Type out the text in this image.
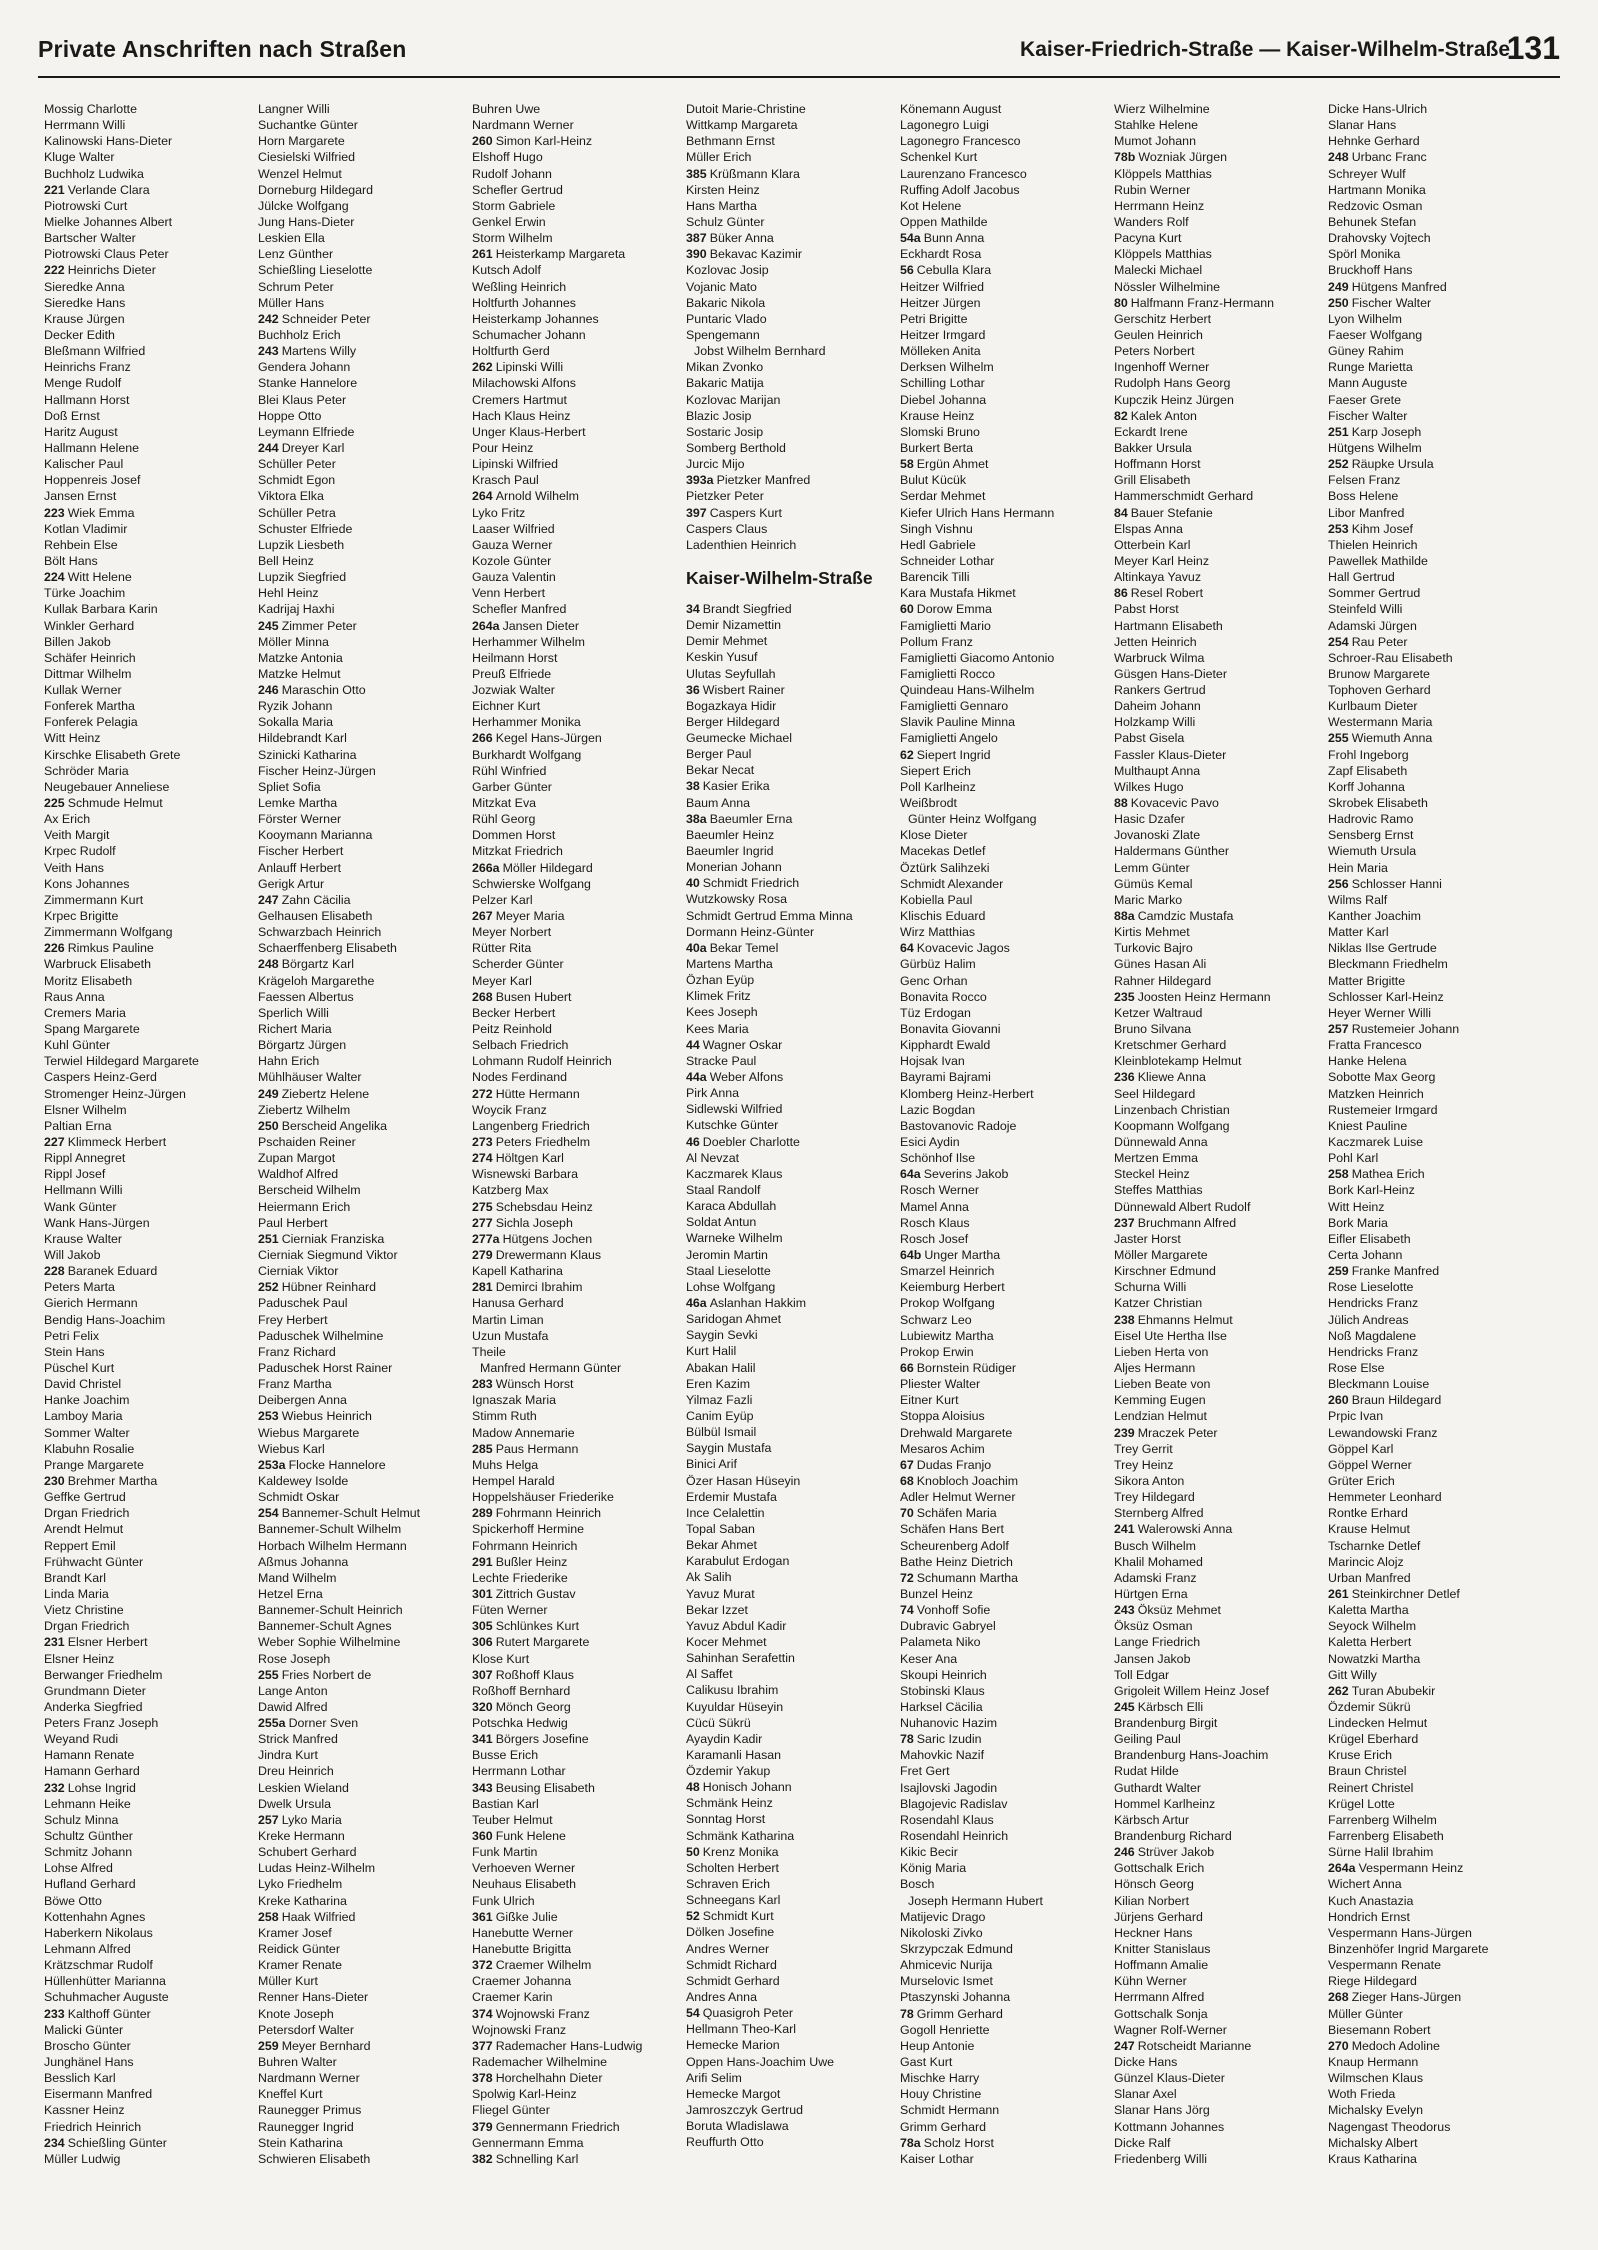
Private Anschriften nach Straßen	Kaiser-Friedrich-Straße — Kaiser-Wilhelm-Straße
131
Mossig Charlotte
Herrmann Willi
Kalinowski Hans-Dieter
Kluge Walter
Buchholz Ludwika
221 Verlande Clara
Piotrowski Curt
Mielke Johannes Albert
Bartscher Walter
Piotrowski Claus Peter
222 Heinrichs Dieter
Sieredke Anna
Sieredke Hans
Krause Jürgen
Decker Edith
Bleßmann Wilfried
Heinrichs Franz
Menge Rudolf
Hallmann Horst
Doß Ernst
Haritz August
Hallmann Helene
Kalischer Paul
Hoppenreis Josef
Jansen Ernst
223 Wiek Emma
Kotlan Vladimir
Rehbein Else
Bölt Hans
224 Witt Helene
Türke Joachim
Kullak Barbara Karin
Winkler Gerhard
Billen Jakob
Schäfer Heinrich
Dittmar Wilhelm
Kullak Werner
Fonferek Martha
Fonferek Pelagia
Witt Heinz
Kirschke Elisabeth Grete
Schröder Maria
Neugebauer Anneliese
225 Schmude Helmut
Ax Erich
Veith Margit
Krpec Rudolf
Veith Hans
Kons Johannes
Zimmermann Kurt
Krpec Brigitte
Zimmermann Wolfgang
226 Rimkus Pauline
Warbruck Elisabeth
Moritz Elisabeth
Raus Anna
Cremers Maria
Spang Margarete
Kuhl Günter
Terwiel Hildegard Margarete
Caspers Heinz-Gerd
Stromenger Heinz-Jürgen
Elsner Wilhelm
Paltian Erna
227 Klimmeck Herbert
Rippl Annegret
Rippl Josef
Hellmann Willi
Wank Günter
Wank Hans-Jürgen
Krause Walter
Will Jakob
228 Baranek Eduard
Peters Marta
Gierich Hermann
Bendig Hans-Joachim
Petri Felix
Stein Hans
Püschel Kurt
David Christel
Hanke Joachim
Lamboy Maria
Sommer Walter
Klabuhn Rosalie
Prange Margarete
230 Brehmer Martha
Geffke Gertrud
Drgan Friedrich
Arendt Helmut
Reppert Emil
Frühwacht Günter
Brandt Karl
Linda Maria
Vietz Christine
Drgan Friedrich
231 Elsner Herbert
Elsner Heinz
Berwanger Friedhelm
Grundmann Dieter
Anderka Siegfried
Peters Franz Joseph
Weyand Rudi
Hamann Renate
Hamann Gerhard
232 Lohse Ingrid
Lehmann Heike
Schulz Minna
Schultz Günther
Schmitz Johann
Lohse Alfred
Hufland Gerhard
Böwe Otto
Kottenhahn Agnes
Haberkern Nikolaus
Lehmann Alfred
Krätzschmar Rudolf
Hüllenhütter Marianna
Schuhmacher Auguste
233 Kalthoff Günter
Malicki Günter
Broscho Günter
Junghänel Hans
Besslich Karl
Eisermann Manfred
Kassner Heinz
Friedrich Heinrich
234 Schießling Günter
Müller Ludwig
Langner Willi
Suchantke Günter
Horn Margarete
Ciesielski Wilfried
Wenzel Helmut
Dorneburg Hildegard
Jülcke Wolfgang
Jung Hans-Dieter
Leskien Ella
Lenz Günther
Schießling Lieselotte
Schrum Peter
Müller Hans
242 Schneider Peter
Buchholz Erich
243 Martens Willy
Gendera Johann
Stanke Hannelore
Blei Klaus Peter
Hoppe Otto
Leymann Elfriede
244 Dreyer Karl
Schüller Peter
Schmidt Egon
Viktora Elka
Schüller Petra
Schuster Elfriede
Lupzik Liesbeth
Bell Heinz
Lupzik Siegfried
Hehl Heinz
Kadrijaj Haxhi
245 Zimmer Peter
Möller Minna
Matzke Antonia
Matzke Helmut
246 Maraschin Otto
Ryzik Johann
Sokalla Maria
Hildebrandt Karl
Szinicki Katharina
Fischer Heinz-Jürgen
Spliet Sofia
Lemke Martha
Förster Werner
Kooymann Marianna
Fischer Herbert
Anlauff Herbert
Gerigk Artur
247 Zahn Cäcilia
Gelhausen Elisabeth
Schwarzbach Heinrich
Schaerffenberg Elisabeth
248 Börgartz Karl
Krägeloh Margarethe
Faessen Albertus
Sperlich Willi
Richert Maria
Börgartz Jürgen
Hahn Erich
Mühlhäuser Walter
249 Ziebertz Helene
Ziebertz Wilhelm
250 Berscheid Angelika
Pschaiden Reiner
Zupan Margot
Waldhof Alfred
Berscheid Wilhelm
Heiermann Erich
Paul Herbert
251 Cierniak Franziska
Cierniak Siegmund Viktor
Cierniak Viktor
252 Hübner Reinhard
Paduschek Paul
Frey Herbert
Paduschek Wilhelmine
Franz Richard
Paduschek Horst Rainer
Franz Martha
Deibergen Anna
253 Wiebus Heinrich
Wiebus Margarete
Wiebus Karl
253a Flocke Hannelore
Kaldewey Isolde
Schmidt Oskar
254 Bannemer-Schult Helmut
Bannemer-Schult Wilhelm
Horbach Wilhelm Hermann
Aßmus Johanna
Mand Wilhelm
Hetzel Erna
Bannemer-Schult Heinrich
Bannemer-Schult Agnes
Weber Sophie Wilhelmine
Rose Joseph
255 Fries Norbert de
Lange Anton
Dawid Alfred
255a Dorner Sven
Strick Manfred
Jindra Kurt
Dreu Heinrich
Leskien Wieland
Dwelk Ursula
257 Lyko Maria
Kreke Hermann
Schubert Gerhard
Ludas Heinz-Wilhelm
Lyko Friedhelm
Kreke Katharina
258 Haak Wilfried
Kramer Josef
Reidick Günter
Kramer Renate
Müller Kurt
Renner Hans-Dieter
Knote Joseph
Petersdorf Walter
259 Meyer Bernhard
Buhren Walter
Nardmann Werner
Kneffel Kurt
Raunegger Primus
Raunegger Ingrid
Stein Katharina
Schwieren Elisabeth
Buhren Uwe
Nardmann Werner
260 Simon Karl-Heinz
Elshoff Hugo
Rudolf Johann
Schefler Gertrud
Storm Gabriele
Genkel Erwin
Storm Wilhelm
261 Heisterkamp Margareta
Kutsch Adolf
Weßling Heinrich
Holtfurth Johannes
Heisterkamp Johannes
Schumacher Johann
Holtfurth Gerd
262 Lipinski Willi
Milachowski Alfons
Cremers Hartmut
Hach Klaus Heinz
Unger Klaus-Herbert
Pour Heinz
Lipinski Wilfried
Krasch Paul
264 Arnold Wilhelm
Lyko Fritz
Laaser Wilfried
Gauza Werner
Kozole Günter
Gauza Valentin
Venn Herbert
Schefler Manfred
264a Jansen Dieter
Herhammer Wilhelm
Heilmann Horst
Preuß Elfriede
Jozwiak Walter
Eichner Kurt
Herhammer Monika
266 Kegel Hans-Jürgen
Burkhardt Wolfgang
Rühl Winfried
Garber Günter
Mitzkat Eva
Rühl Georg
Dommen Horst
Mitzkat Friedrich
266a Möller Hildegard
Schwierske Wolfgang
Pelzer Karl
267 Meyer Maria
Meyer Norbert
Rütter Rita
Scherder Günter
Meyer Karl
268 Busen Hubert
Becker Herbert
Peitz Reinhold
Selbach Friedrich
Lohmann Rudolf Heinrich
Nodes Ferdinand
272 Hütte Hermann
Woycik Franz
Langenberg Friedrich
273 Peters Friedhelm
274 Höltgen Karl
Wisnewski Barbara
Katzberg Max
275 Schebsdau Heinz
277 Sichla Joseph
277a Hütgens Jochen
279 Drewermann Klaus
Kapell Katharina
281 Demirci Ibrahim
Hanusa Gerhard
Martin Liman
Uzun Mustafa
Theile
Manfred Hermann Günter
283 Wünsch Horst
Ignaszak Maria
Stimm Ruth
Madow Annemarie
285 Paus Hermann
Muhs Helga
Hempel Harald
Hoppelshäuser Friederike
289 Fohrmann Heinrich
Spickerhoff Hermine
Fohrmann Heinrich
291 Bußler Heinz
Lechte Friederike
301 Zittrich Gustav
Füten Werner
305 Schlünkes Kurt
306 Rutert Margarete
Klose Kurt
307 Roßhoff Klaus
Roßhoff Bernhard
320 Mönch Georg
Potschka Hedwig
341 Börgers Josefine
Busse Erich
Herrmann Lothar
343 Beusing Elisabeth
Bastian Karl
Teuber Helmut
360 Funk Helene
Funk Martin
Verhoeven Werner
Neuhaus Elisabeth
Funk Ulrich
361 Gißke Julie
Hanebutte Werner
Hanebutte Brigitta
372 Craemer Wilhelm
Craemer Johanna
Craemer Karin
374 Wojnowski Franz
Wojnowski Franz
377 Rademacher Hans-Ludwig
Rademacher Wilhelmine
378 Horchelhahn Dieter
Spolwig Karl-Heinz
Fliegel Günter
379 Gennermann Friedrich
Gennermann Emma
382 Schnelling Karl
Dutoit Marie-Christine
Wittkamp Margareta
Bethmann Ernst
Müller Erich
385 Krüßmann Klara
Kirsten Heinz
Hans Martha
Schulz Günter
387 Büker Anna
390 Bekavac Kazimir
Kozlovac Josip
Vojanic Mato
Bakaric Nikola
Puntaric Vlado
Spengemann
Jobst Wilhelm Bernhard
Mikan Zvonko
Bakaric Matija
Kozlovac Marijan
Blazic Josip
Sostaric Josip
Somberg Berthold
Jurcic Mijo
393a Pietzker Manfred
Pietzker Peter
397 Caspers Kurt
Caspers Claus
Ladenthien Heinrich
Kaiser-Wilhelm-Straße
34 Brandt Siegfried
Demir Nizamettin
Demir Mehmet
Keskin Yusuf
Ulutas Seyfullah
36 Wisbert Rainer
Bogazkaya Hidir
Berger Hildegard
Geumecke Michael
Berger Paul
Bekar Necat
38 Kasier Erika
Baum Anna
38a Baeumler Erna
Baeumler Heinz
Baeumler Ingrid
Monerian Johann
40 Schmidt Friedrich
Wutzkowsky Rosa
Schmidt Gertrud Emma Minna
Dormann Heinz-Günter
40a Bekar Temel
Martens Martha
Özhan Eyüp
Klimek Fritz
Kees Joseph
Kees Maria
44 Wagner Oskar
Stracke Paul
44a Weber Alfons
Pirk Anna
Sidlewski Wilfried
Kutschke Günter
46 Doebler Charlotte
Al Nevzat
Kaczmarek Klaus
Staal Randolf
Karaca Abdullah
Soldat Antun
Warneke Wilhelm
Jeromin Martin
Staal Lieselotte
Lohse Wolfgang
46a Aslanhan Hakkim
Saridogan Ahmet
Saygin Sevki
Kurt Halil
Abakan Halil
Eren Kazim
Yilmaz Fazli
Canim Eyüp
Bülbül Ismail
Saygin Mustafa
Binici Arif
Özer Hasan Hüseyin
Erdemir Mustafa
Ince Celalettin
Topal Saban
Bekar Ahmet
Karabulut Erdogan
Ak Salih
Yavuz Murat
Bekar Izzet
Yavuz Abdul Kadir
Kocer Mehmet
Sahinhan Serafettin
Al Saffet
Calikusu Ibrahim
Kuyuldar Hüseyin
Cücü Sükrü
Ayaydin Kadir
Karamanli Hasan
Özdemir Yakup
48 Honisch Johann
Schmänk Heinz
Sonntag Horst
Schmänk Katharina
50 Krenz Monika
Scholten Herbert
Schraven Erich
Schneegans Karl
52 Schmidt Kurt
Dölken Josefine
Andres Werner
Schmidt Richard
Schmidt Gerhard
Andres Anna
54 Quasigroh Peter
Hellmann Theo-Karl
Hemecke Marion
Oppen Hans-Joachim Uwe
Arifi Selim
Hemecke Margot
Jamroszczyk Gertrud
Boruta Wladislawa
Reuffurth Otto
Könemann August
Lagonegro Luigi
Lagonegro Francesco
Schenkel Kurt
Laurenzano Francesco
Ruffing Adolf Jacobus
Kot Helene
Oppen Mathilde
54a Bunn Anna
Eckhardt Rosa
56 Cebulla Klara
Heitzer Wilfried
Heitzer Jürgen
Petri Brigitte
Heitzer Irmgard
Mölleken Anita
Derksen Wilhelm
Schilling Lothar
Diebel Johanna
Krause Heinz
Slomski Bruno
Burkert Berta
58 Ergün Ahmet
Bulut Kücük
Serdar Mehmet
Kiefer Ulrich Hans Hermann
Singh Vishnu
Hedl Gabriele
Schneider Lothar
Barencik Tilli
Kara Mustafa Hikmet
60 Dorow Emma
Famiglietti Mario
Pollum Franz
Famiglietti Giacomo Antonio
Famiglietti Rocco
Quindeau Hans-Wilhelm
Famiglietti Gennaro
Slavik Pauline Minna
Famiglietti Angelo
62 Siepert Ingrid
Siepert Erich
Poll Karlheinz
Weißbrodt
Günter Heinz Wolfgang
Klose Dieter
Macekas Detlef
Öztürk Salihzeki
Schmidt Alexander
Kobiella Paul
Klischis Eduard
Wirz Matthias
64 Kovacevic Jagos
Gürbüz Halim
Genc Orhan
Bonavita Rocco
Tüz Erdogan
Bonavita Giovanni
Kipphardt Ewald
Hojsak Ivan
Bayrami Bajrami
Klomberg Heinz-Herbert
Lazic Bogdan
Bastovanovic Radoje
Esici Aydin
Schönhof Ilse
64a Severins Jakob
Rosch Werner
Mamel Anna
Rosch Klaus
Rosch Josef
64b Unger Martha
Smarzel Heinrich
Keiemburg Herbert
Prokop Wolfgang
Schwarz Leo
Lubiewitz Martha
Prokop Erwin
66 Bornstein Rüdiger
Pliester Walter
Eitner Kurt
Stoppa Aloisius
Drehwald Margarete
Mesaros Achim
67 Dudas Franjo
68 Knobloch Joachim
Adler Helmut Werner
70 Schäfen Maria
Schäfen Hans Bert
Scheurenberg Adolf
Bathe Heinz Dietrich
72 Schumann Martha
Bunzel Heinz
74 Vonhoff Sofie
Dubravic Gabryel
Palameta Niko
Keser Ana
Skoupi Heinrich
Stobinski Klaus
Harksel Cäcilia
Nuhanovic Hazim
78 Saric Izudin
Mahovkic Nazif
Fret Gert
Isajlovski Jagodin
Blagojevic Radislav
Rosendahl Klaus
Rosendahl Heinrich
Kikic Becir
König Maria
Bosch
Joseph Hermann Hubert
Matijevic Drago
Nikoloski Zivko
Skrzypczak Edmund
Ahmicevic Nurija
Murselovic Ismet
Ptaszynski Johanna
78 Grimm Gerhard
Gogoll Henriette
Heup Antonie
Gast Kurt
Mischke Harry
Houy Christine
Schmidt Hermann
Grimm Gerhard
78a Scholz Horst
Kaiser Lothar
Wierz Wilhelmine
Stahlke Helene
Mumot Johann
78b Wozniak Jürgen
Klöppels Matthias
Rubin Werner
Herrmann Heinz
Wanders Rolf
Pacyna Kurt
Klöppels Matthias
Malecki Michael
Nössler Wilhelmine
80 Halfmann Franz-Hermann
Gerschitz Herbert
Geulen Heinrich
Peters Norbert
Ingenhoff Werner
Rudolph Hans Georg
Kupczik Heinz Jürgen
82 Kalek Anton
Eckardt Irene
Bakker Ursula
Hoffmann Horst
Grill Elisabeth
Hammerschmidt Gerhard
84 Bauer Stefanie
Elspas Anna
Otterbein Karl
Meyer Karl Heinz
Altinkaya Yavuz
86 Resel Robert
Pabst Horst
Hartmann Elisabeth
Jetten Heinrich
Warbruck Wilma
Güsgen Hans-Dieter
Rankers Gertrud
Daheim Johann
Holzkamp Willi
Pabst Gisela
Fassler Klaus-Dieter
Multhaupt Anna
Wilkes Hugo
88 Kovacevic Pavo
Hasic Dzafer
Jovanoski Zlate
Haldermans Günther
Lemm Günter
Gümüs Kemal
Maric Marko
88a Camdzic Mustafa
Kirtis Mehmet
Turkovic Bajro
Günes Hasan Ali
Rahner Hildegard
235 Joosten Heinz Hermann
Ketzer Waltraud
Bruno Silvana
Kretschmer Gerhard
Kleinblotekamp Helmut
236 Kliewe Anna
Seel Hildegard
Linzenbach Christian
Koopmann Wolfgang
Dünnewald Anna
Mertzen Emma
Steckel Heinz
Steffes Matthias
Dünnewald Albert Rudolf
237 Bruchmann Alfred
Jaster Horst
Möller Margarete
Kirschner Edmund
Schurna Willi
Katzer Christian
238 Ehmanns Helmut
Eisel Ute Hertha Ilse
Lieben Herta von
Aljes Hermann
Lieben Beate von
Kemming Eugen
Lendzian Helmut
239 Mraczek Peter
Trey Gerrit
Trey Heinz
Sikora Anton
Trey Hildegard
Sternberg Alfred
241 Walerowski Anna
Busch Wilhelm
Khalil Mohamed
Adamski Franz
Hürtgen Erna
243 Öksüz Mehmet
Öksüz Osman
Lange Friedrich
Jansen Jakob
Toll Edgar
Grigoleit Willem Heinz Josef
245 Kärbsch Elli
Brandenburg Birgit
Geiling Paul
Brandenburg Hans-Joachim
Rudat Hilde
Guthardt Walter
Hommel Karlheinz
Kärbsch Artur
Brandenburg Richard
246 Strüver Jakob
Gottschalk Erich
Hönsch Georg
Kilian Norbert
Jürjens Gerhard
Heckner Hans
Knitter Stanislaus
Hoffmann Amalie
Kühn Werner
Herrmann Alfred
Gottschalk Sonja
Wagner Rolf-Werner
247 Rotscheidt Marianne
Dicke Hans
Günzel Klaus-Dieter
Slanar Axel
Slanar Hans Jörg
Kottmann Johannes
Dicke Ralf
Friedenberg Willi
Dicke Hans-Ulrich
Slanar Hans
Hehnke Gerhard
248 Urbanc Franc
Schreyer Wulf
Hartmann Monika
Redzovic Osman
Behunek Stefan
Drahovsky Vojtech
Spörl Monika
Bruckhoff Hans
249 Hütgens Manfred
250 Fischer Walter
Lyon Wilhelm
Faeser Wolfgang
Güney Rahim
Runge Marietta
Mann Auguste
Faeser Grete
Fischer Walter
251 Karp Joseph
Hütgens Wilhelm
252 Räupke Ursula
Felsen Franz
Boss Helene
Libor Manfred
253 Kihm Josef
Thielen Heinrich
Pawellek Mathilde
Hall Gertrud
Sommer Gertrud
Steinfeld Willi
Adamski Jürgen
254 Rau Peter
Schroer-Rau Elisabeth
Brunow Margarete
Tophoven Gerhard
Kurlbaum Dieter
Westermann Maria
255 Wiemuth Anna
Frohl Ingeborg
Zapf Elisabeth
Korff Johanna
Skrobek Elisabeth
Hadrovic Ramo
Sensberg Ernst
Wiemuth Ursula
Hein Maria
256 Schlosser Hanni
Wilms Ralf
Kanther Joachim
Matter Karl
Niklas Ilse Gertrude
Bleckmann Friedhelm
Matter Brigitte
Schlosser Karl-Heinz
Heyer Werner Willi
257 Rustemeier Johann
Fratta Francesco
Hanke Helena
Sobotte Max Georg
Matzken Heinrich
Rustemeier Irmgard
Kniest Pauline
Kaczmarek Luise
Pohl Karl
258 Mathea Erich
Bork Karl-Heinz
Witt Heinz
Bork Maria
Eifler Elisabeth
Certa Johann
259 Franke Manfred
Rose Lieselotte
Hendricks Franz
Jülich Andreas
Noß Magdalene
Hendricks Franz
Rose Else
Bleckmann Louise
260 Braun Hildegard
Prpic Ivan
Lewandowski Franz
Göppel Karl
Göppel Werner
Grüter Erich
Hemmeter Leonhard
Rontke Erhard
Krause Helmut
Tscharnke Detlef
Marincic Alojz
Urban Manfred
261 Steinkirchner Detlef
Kaletta Martha
Seyock Wilhelm
Kaletta Herbert
Nowatzki Martha
Gitt Willy
262 Turan Abubekir
Özdemir Sükrü
Lindecken Helmut
Krügel Eberhard
Kruse Erich
Braun Christel
Reinert Christel
Krügel Lotte
Farrenberg Wilhelm
Farrenberg Elisabeth
Sürne Halil Ibrahim
264a Vespermann Heinz
Wichert Anna
Kuch Anastazia
Hondrich Ernst
Vespermann Hans-Jürgen
Binzenhöfer Ingrid Margarete
Vespermann Renate
Riege Hildegard
268 Zieger Hans-Jürgen
Müller Günter
Biesemann Robert
270 Medoch Adoline
Knaup Hermann
Wilmschen Klaus
Woth Frieda
Michalsky Evelyn
Nagengast Theodorus
Michalsky Albert
Kraus Katharina
